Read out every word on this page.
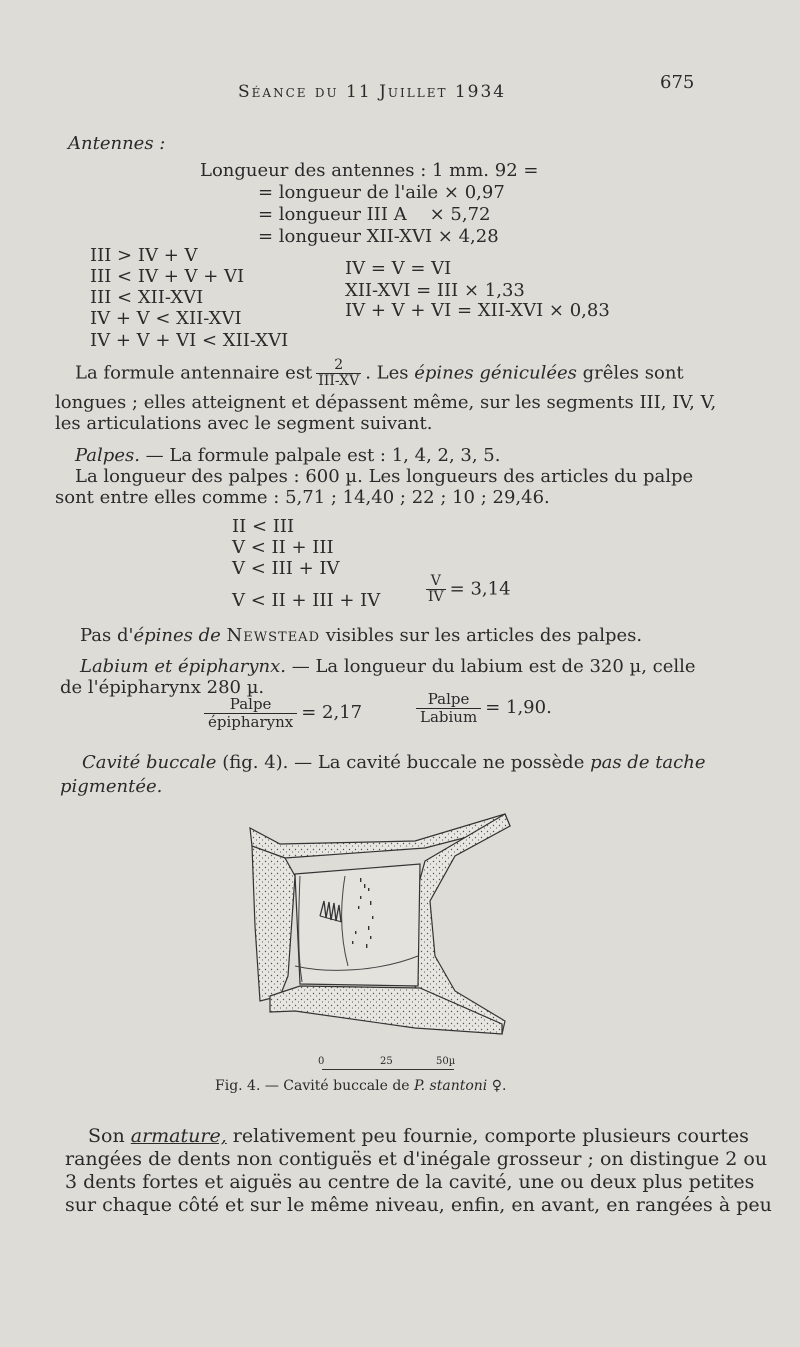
Séance du 11 Juillet 1934	675
Antennes :
Longueur des antennes : 1 mm. 92 =
= longueur de l'aile × 0,97
= longueur III A    × 5,72
= longueur XII-XVI × 4,28
III > IV + V
III < IV + V + VI
III < XII-XVI
IV + V < XII-XVI
IV + V + VI < XII-XVI
IV = V = VI
XII-XVI = III × 1,33
IV + V + VI = XII-XVI × 0,83
La formule antennaire est $\frac{2}{\text{III-XV}}$ . Les épines géniculées grêles sont
longues ; elles atteignent et dépassent même, sur les segments III, IV, V,
les articulations avec le segment suivant.
Palpes. — La formule palpale est : 1, 4, 2, 3, 5.
La longueur des palpes : 600 µ. Les longueurs des articles du palpe
sont entre elles comme : 5,71 ; 14,40 ; 22 ; 10 ; 29,46.
II < III
V < II + III
V < III + IV
V < II + III + IV	$\frac{V}{IV} = 3,14$
Pas d'épines de Newstead visibles sur les articles des palpes.
Labium et épipharynx. — La longueur du labium est de 320 µ, celle
de l'épipharynx 280 µ.
$\frac{\text{Palpe}}{\text{épipharynx}} = 2,17$	$\frac{\text{Palpe}}{\text{Labium}} = 1,90$.
Cavité buccale (fig. 4). — La cavité buccale ne possède pas de tache
pigmentée.
0	25	50µ
Fig. 4. — Cavité buccale de P. stantoni ♀.
Son armature, relativement peu fournie, comporte plusieurs courtes
rangées de dents non contiguës et d'inégale grosseur ; on distingue 2 ou
3 dents fortes et aiguës au centre de la cavité, une ou deux plus petites
sur chaque côté et sur le même niveau, enfin, en avant, en rangées à peu
